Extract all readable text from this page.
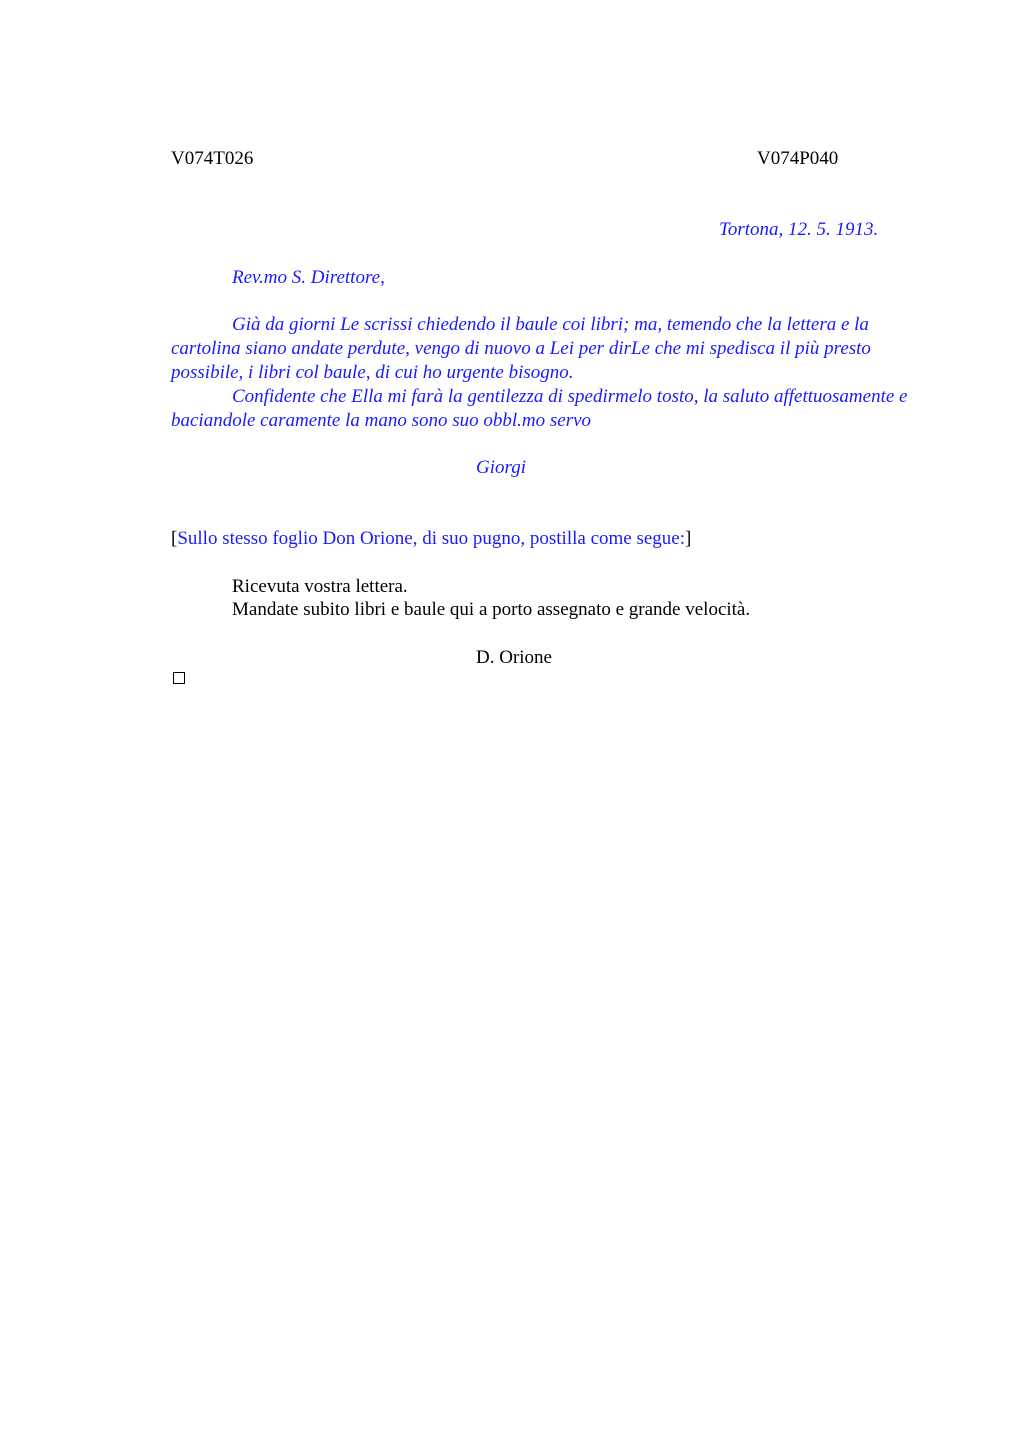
V074T026	V074P040
Tortona, 12. 5. 1913.
Rev.mo S. Direttore,

Già da giorni Le scrissi chiedendo il baule coi libri; ma, temendo che la lettera e la cartolina siano andate perdute, vengo di nuovo a Lei per dirLe che mi spedisca il più presto possibile, i libri col baule, di cui ho urgente bisogno.

Confidente che Ella mi farà la gentilezza di spedirmelo tosto, la saluto affettuosamente e baciandole caramente la mano sono suo obbl.mo servo

Giorgi
[Sullo stesso foglio Don Orione, di suo pugno, postilla come segue:]
Ricevuta vostra lettera.
Mandate subito libri e baule qui a porto assegnato e grande velocità.
D. Orione
